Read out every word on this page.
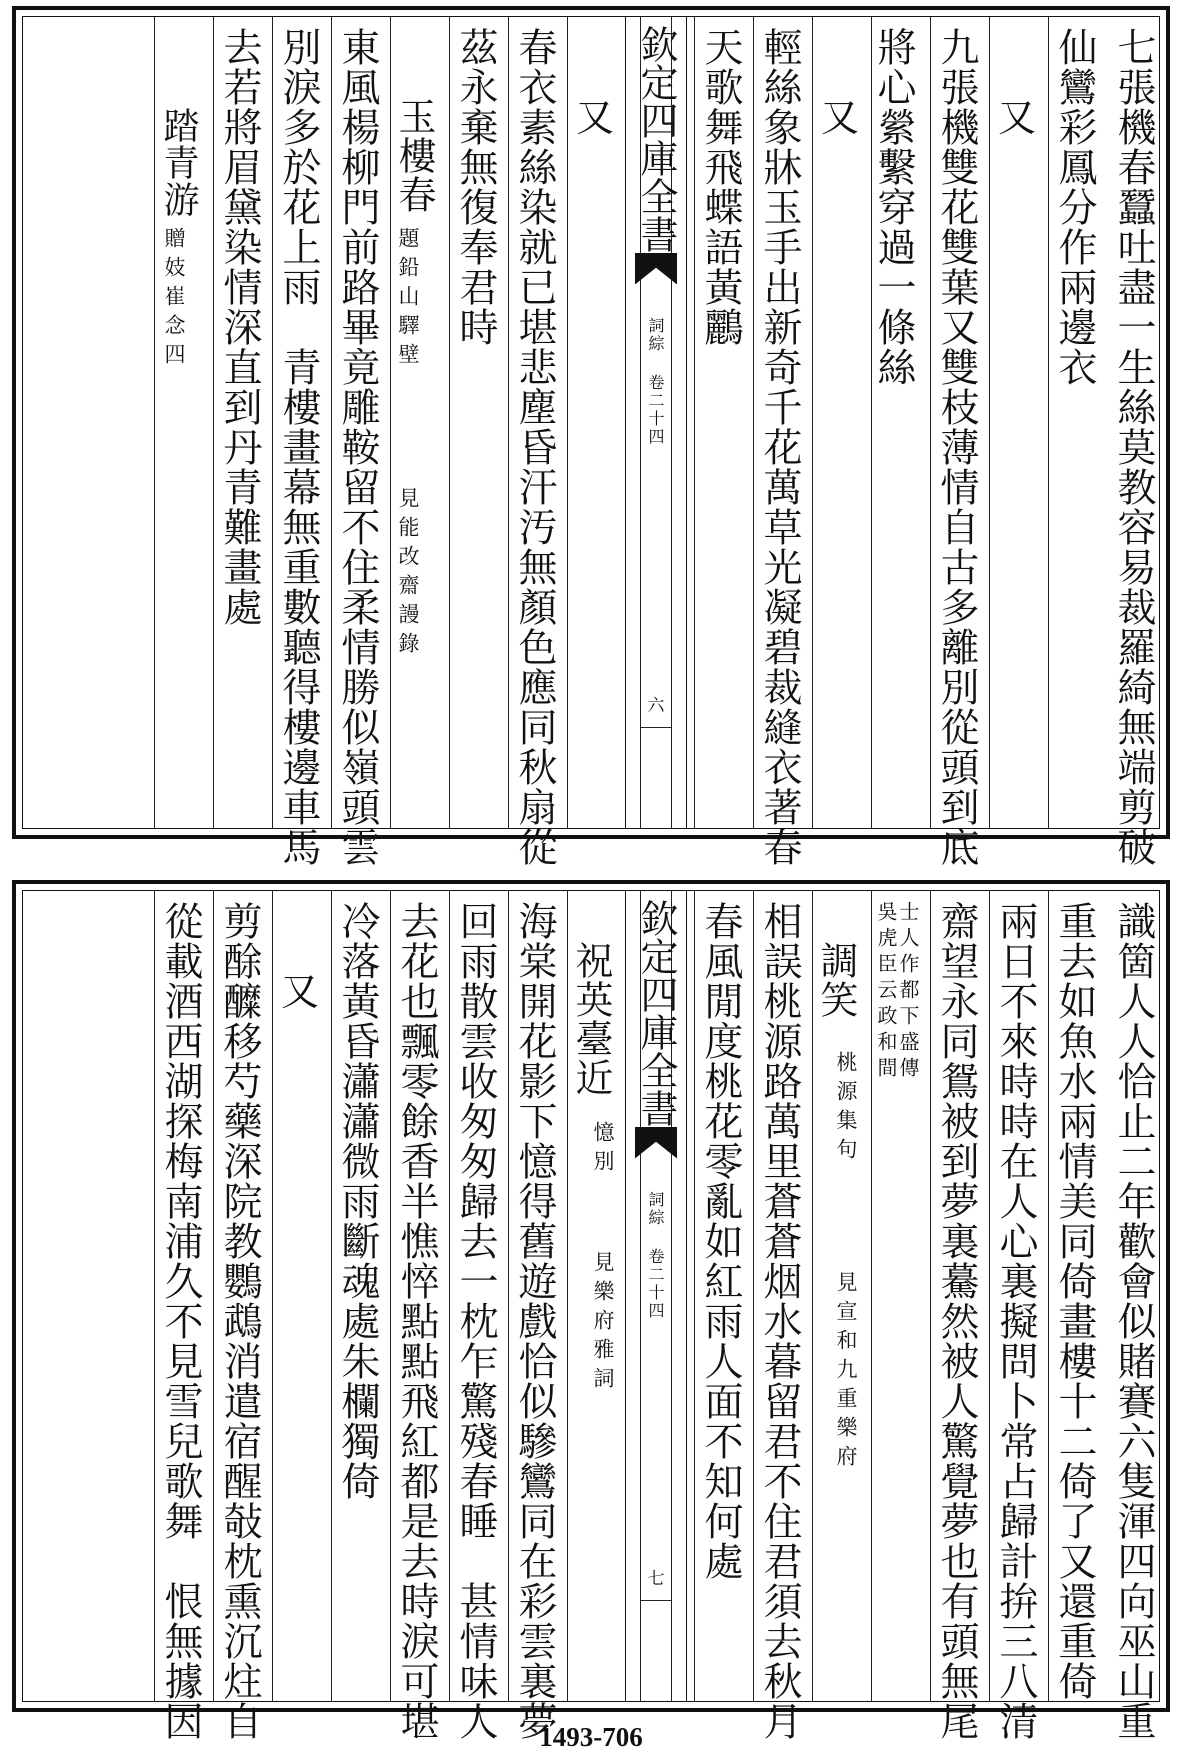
七張機春蠶吐盡一生絲莫教容易裁羅綺無端剪破
仙鸞彩鳳分作兩邊衣
又
九張機雙花雙葉又雙枝薄情自古多離別從頭到底
將心縈繫穿過一條絲
又
輕絲象牀玉手出新奇千花萬草光凝碧裁縫衣著春
天歌舞飛蝶語黃鸝
欽定四庫全書
詞綜 卷二十四
六
又
春衣素絲染就已堪悲塵昏汗汚無顏色應同秋扇從
茲永棄無復奉君時
玉樓春
題鉛山驛壁
見能改齋謾錄
東風楊柳門前路畢竟雕鞍留不住柔情勝似嶺頭雲
別淚多於花上雨　青樓畫幕無重數聽得樓邊車馬
去若將眉黛染情深直到丹青難畫處
踏青游
贈妓崔念四
識箇人人恰止二年歡會似賭賽六隻渾四向巫山重
重去如魚水兩情美同倚畫樓十二倚了又還重倚
兩日不來時時在人心裏擬問卜常占歸計拚三八清
齋望永同鴛被到夢裏驀然被人驚覺夢也有頭無尾
吳虎臣云政和間
士人作都下盛傳
調笑
桃源集句
見宣和九重樂府
相誤桃源路萬里蒼蒼烟水暮留君不住君須去秋月
春風閒度桃花零亂如紅雨人面不知何處
欽定四庫全書
詞綜 卷二十四
七
祝英臺近
憶別
見樂府雅詞
海棠開花影下憶得舊遊戲恰似驂鸞同在彩雲裏夢
回雨散雲收匆匆歸去一枕乍驚殘春睡　甚情味人
去花也飄零餘香半憔悴點點飛紅都是去時淚可堪
冷落黃昏瀟瀟微雨斷魂處朱欄獨倚
又
剪酴醾移芍藥深院教鸚鵡消遣宿醒敧枕熏沉炷自
從載酒西湖探梅南浦久不見雪兒歌舞　恨無據因	1493-706
